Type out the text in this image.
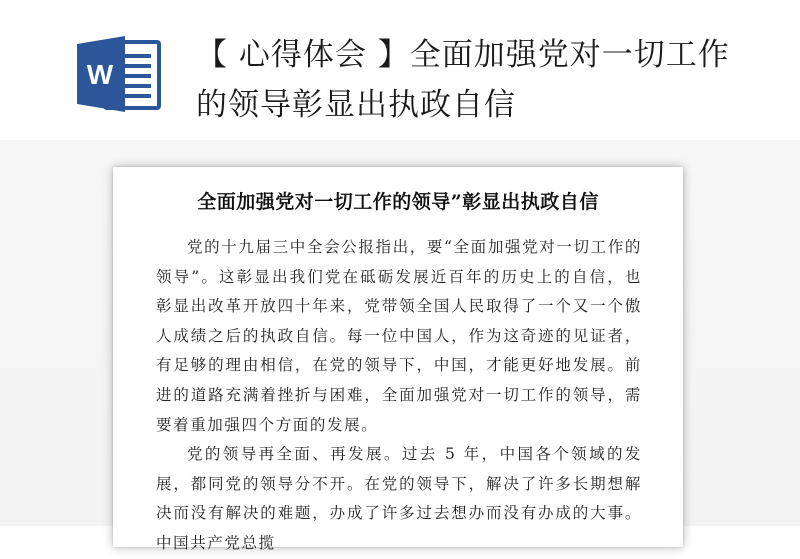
W
【 心得体会 】全面加强党对一切工作的领导彰显出执政自信
全面加强党对一切工作的领导”彰显出执政自信

党的十九届三中全会公报指出，要“全面加强党对一切工作的领导”。这彰显出我们党在砥砺发展近百年的历史上的自信，也彰显出改革开放四十年来，党带领全国人民取得了一个又一个傲人成绩之后的执政自信。每一位中国人，作为这奇迹的见证者，有足够的理由相信，在党的领导下，中国，才能更好地发展。前进的道路充满着挫折与困难，全面加强党对一切工作的领导，需要着重加强四个方面的发展。

党的领导再全面、再发展。过去 5 年，中国各个领域的发展，都同党的领导分不开。在党的领导下，解决了许多长期想解决而没有解决的难题，办成了许多过去想办而没有办成的大事。中国共产党总揽
